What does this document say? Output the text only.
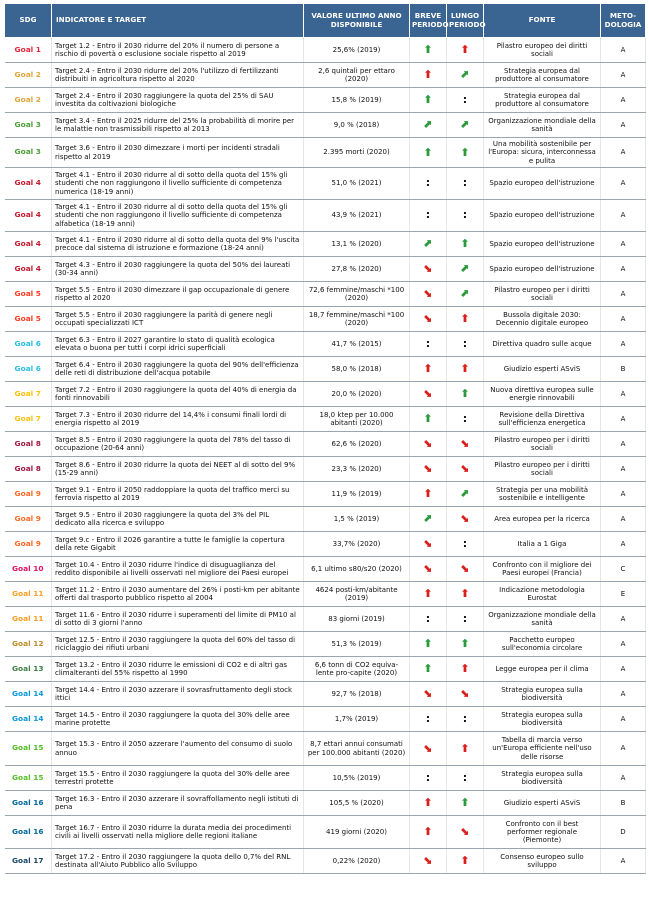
SDG	INDICATORE E TARGET	VALORE ULTIMO ANNO DISPONIBILE	BREVE PERIODO	LUNGO PERIODO	FONTE	METO-DOLOGIA
Goal 1	Target 1.2 - Entro il 2030 ridurre del 20% il numero di persone a rischio di povertà o esclusione sociale rispetto al 2019	25,6% (2019)	⬆	⬆	Pilastro europeo dei diritti sociali	A
Goal 2	Target 2.4 - Entro il 2030 ridurre del 20% l'utilizzo di fertilizzanti distribuiti in agricoltura rispetto al 2020	2,6 quintali per ettaro (2020)	⬆	⬆	Strategia europea dal produttore al consumatore	A
Goal 2	Target 2.4 - Entro il 2030 raggiungere la quota del 25% di SAU investita da coltivazioni biologiche	15,8 % (2019)	⬆	:	Strategia europea dal produttore al consumatore	A
Goal 3	Target 3.4 - Entro il 2025 ridurre del 25% la probabilità di morire per le malattie non trasmissibili rispetto al 2013	9,0 % (2018)	⬆	⬆	Organizzazione mondiale della sanità	A
Goal 3	Target 3.6 - Entro il 2030 dimezzare i morti per incidenti stradali rispetto al 2019	2.395 morti (2020)	⬆	⬆	Una mobilità sostenibile per l'Europa: sicura, interconnessa e pulita	A
Goal 4	Target 4.1 - Entro il 2030 ridurre al di sotto della quota del 15% gli studenti che non raggiungono il livello sufficiente di competenza numerica (18-19 anni)	51,0 % (2021)	:	:	Spazio europeo dell'istruzione	A
Goal 4	Target 4.1 - Entro il 2030 ridurre al di sotto della quota del 15% gli studenti che non raggiungono il livello sufficiente di competenza alfabetica (18-19 anni)	43,9 % (2021)	:	:	Spazio europeo dell'istruzione	A
Goal 4	Target 4.1 - Entro il 2030 ridurre al di sotto della quota del 9% l'uscita precoce dal sistema di istruzione e formazione (18-24 anni)	13,1 % (2020)	⬆	⬆	Spazio europeo dell'istruzione	A
Goal 4	Target 4.3 - Entro il 2030 raggiungere la quota del 50% dei laureati (30-34 anni)	27,8 % (2020)	⬆	⬆	Spazio europeo dell'istruzione	A
Goal 5	Target 5.5 - Entro il 2030 dimezzare il gap occupazionale di genere rispetto al 2020	72,6 femmine/maschi *100 (2020)	⬆	⬆	Pilastro europeo per i diritti sociali	A
Goal 5	Target 5.5 - Entro il 2030 raggiungere la parità di genere negli occupati specializzati ICT	18,7 femmine/maschi *100 (2020)	⬆	⬆	Bussola digitale 2030: Decennio digitale europeo	A
Goal 6	Target 6.3 - Entro il 2027 garantire lo stato di qualità ecologica elevata o buona per tutti i corpi idrici superficiali	41,7 % (2015)	:	:	Direttiva quadro sulle acque	A
Goal 6	Target 6.4 - Entro il 2030 raggiungere la quota del 90% dell'efficienza delle reti di distribuzione dell'acqua potabile	58,0 % (2018)	⬆	⬆	Giudizio esperti ASviS	B
Goal 7	Target 7.2 - Entro il 2030 raggiungere la quota del 40% di energia da fonti rinnovabili	20,0 % (2020)	⬆	⬆	Nuova direttiva europea sulle energie rinnovabili	A
Goal 7	Target 7.3 - Entro il 2030 ridurre del 14,4% i consumi finali lordi di energia rispetto al 2019	18,0 ktep per 10.000 abitanti (2020)	⬆	:	Revisione della Direttiva sull'efficienza energetica	A
Goal 8	Target 8.5 - Entro il 2030 raggiungere la quota del 78% del tasso di occupazione (20-64 anni)	62,6 % (2020)	⬆	⬆	Pilastro europeo per i diritti sociali	A
Goal 8	Target 8.6 - Entro il 2030 ridurre la quota dei NEET al di sotto del 9% (15-29 anni)	23,3 % (2020)	⬆	⬆	Pilastro europeo per i diritti sociali	A
Goal 9	Target 9.1 - Entro il 2050 raddoppiare la quota del traffico merci su ferrovia rispetto al 2019	11,9 % (2019)	⬆	⬆	Strategia per una mobilità sostenibile e intelligente	A
Goal 9	Target 9.5 - Entro il 2030 raggiungere la quota del 3% del PIL dedicato alla ricerca e sviluppo	1,5 % (2019)	⬆	⬆	Area europea per la ricerca	A
Goal 9	Target 9.c - Entro il 2026 garantire a tutte le famiglie la copertura della rete Gigabit	33,7% (2020)	⬆	:	Italia a 1 Giga	A
Goal 10	Target 10.4 - Entro il 2030 ridurre l'indice di disuguaglianza del reddito disponibile ai livelli osservati nel migliore dei Paesi europei	6,1 ultimo s80/s20 (2020)	⬆	⬆	Confronto con il migliore dei Paesi europei (Francia)	C
Goal 11	Target 11.2 - Entro il 2030 aumentare del 26% i posti-km per abitante offerti dal trasporto pubblico rispetto al 2004	4624 posti-km/abitante (2019)	⬆	⬆	Indicazione metodologia Eurostat	E
Goal 11	Target 11.6 - Entro il 2030 ridurre i superamenti del limite di PM10 al di sotto di 3 giorni l'anno	83 giorni (2019)	:	:	Organizzazione mondiale della sanità	A
Goal 12	Target 12.5 - Entro il 2030 raggiungere la quota del 60% del tasso di riciclaggio dei rifiuti urbani	51,3 % (2019)	⬆	⬆	Pacchetto europeo sull'economia circolare	A
Goal 13	Target 13.2 - Entro il 2030 ridurre le emissioni di CO2 e di altri gas climalteranti del 55% rispetto al 1990	6,6 tonn di CO2 equiva-lente pro-capite (2020)	⬆	⬆	Legge europea per il clima	A
Goal 14	Target 14.4 - Entro il 2030 azzerare il sovrasfruttamento degli stock ittici	92,7 % (2018)	⬆	⬆	Strategia europea sulla biodiversità	A
Goal 14	Target 14.5 - Entro il 2030 raggiungere la quota del 30% delle aree marine protette	1,7% (2019)	:	:	Strategia europea sulla biodiversità	A
Goal 15	Target 15.3 - Entro il 2050 azzerare l'aumento del consumo di suolo annuo	8,7 ettari annui consumati per 100.000 abitanti (2020)	⬆	⬆	Tabella di marcia verso un'Europa efficiente nell'uso delle risorse	A
Goal 15	Target 15.5 - Entro il 2030 raggiungere la quota del 30% delle aree terrestri protette	10,5% (2019)	:	:	Strategia europea sulla biodiversità	A
Goal 16	Target 16.3 - Entro il 2030 azzerare il sovraffollamento negli istituti di pena	105,5 % (2020)	⬆	⬆	Giudizio esperti ASviS	B
Goal 16	Target 16.7 - Entro il 2030 ridurre la durata media dei procedimenti civili ai livelli osservati nella migliore delle regioni italiane	419 giorni (2020)	⬆	⬆	Confronto con il best performer regionale (Piemonte)	D
Goal 17	Target 17.2 - Entro il 2030 raggiungere la quota dello 0,7% del RNL destinata all'Aiuto Pubblico allo Sviluppo	0,22% (2020)	⬆	⬆	Consenso europeo sullo sviluppo	A
